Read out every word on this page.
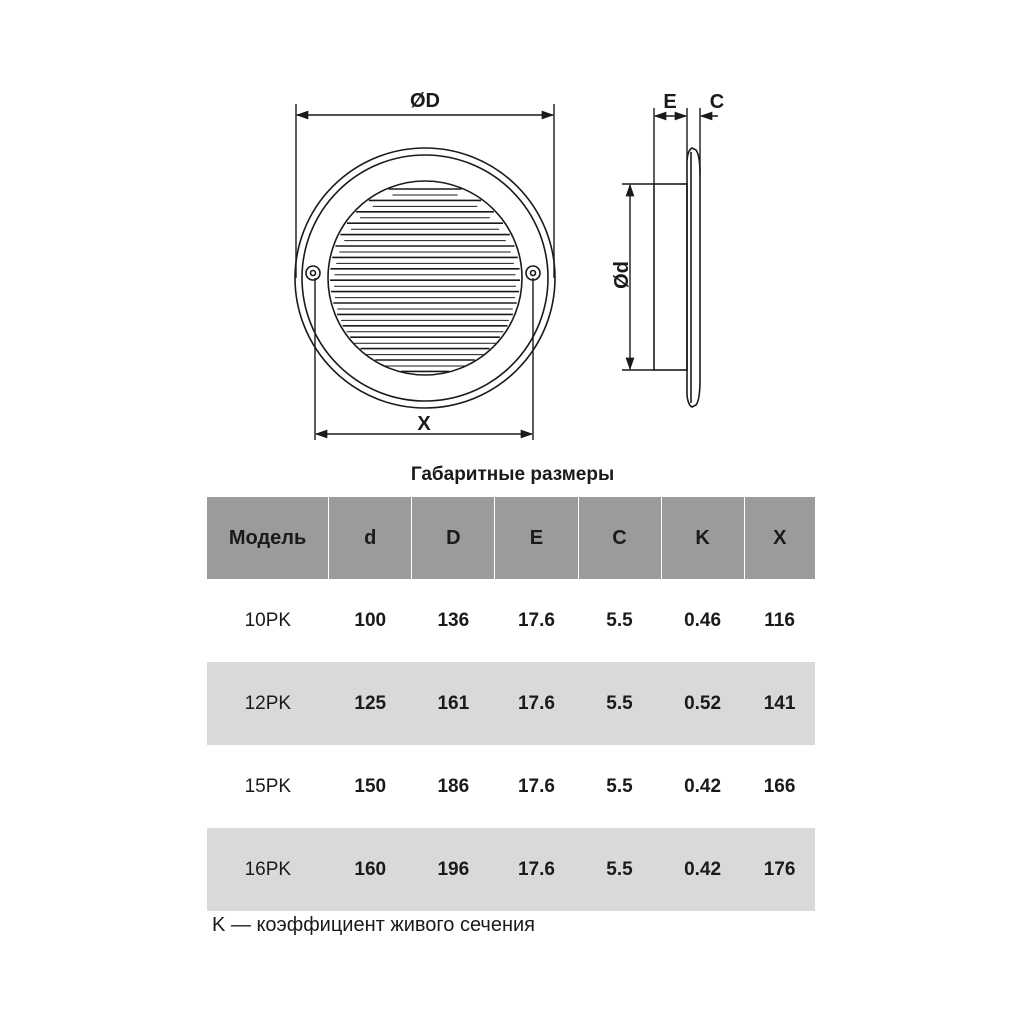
ØD
X
E C
Ød
Габаритные размеры
Модель	d	D	E	C	K	X
10PK	100	136	17.6	5.5	0.46	116
12PK	125	161	17.6	5.5	0.52	141
15PK	150	186	17.6	5.5	0.42	166
16PK	160	196	17.6	5.5	0.42	176
K — коэффициент живого сечения
